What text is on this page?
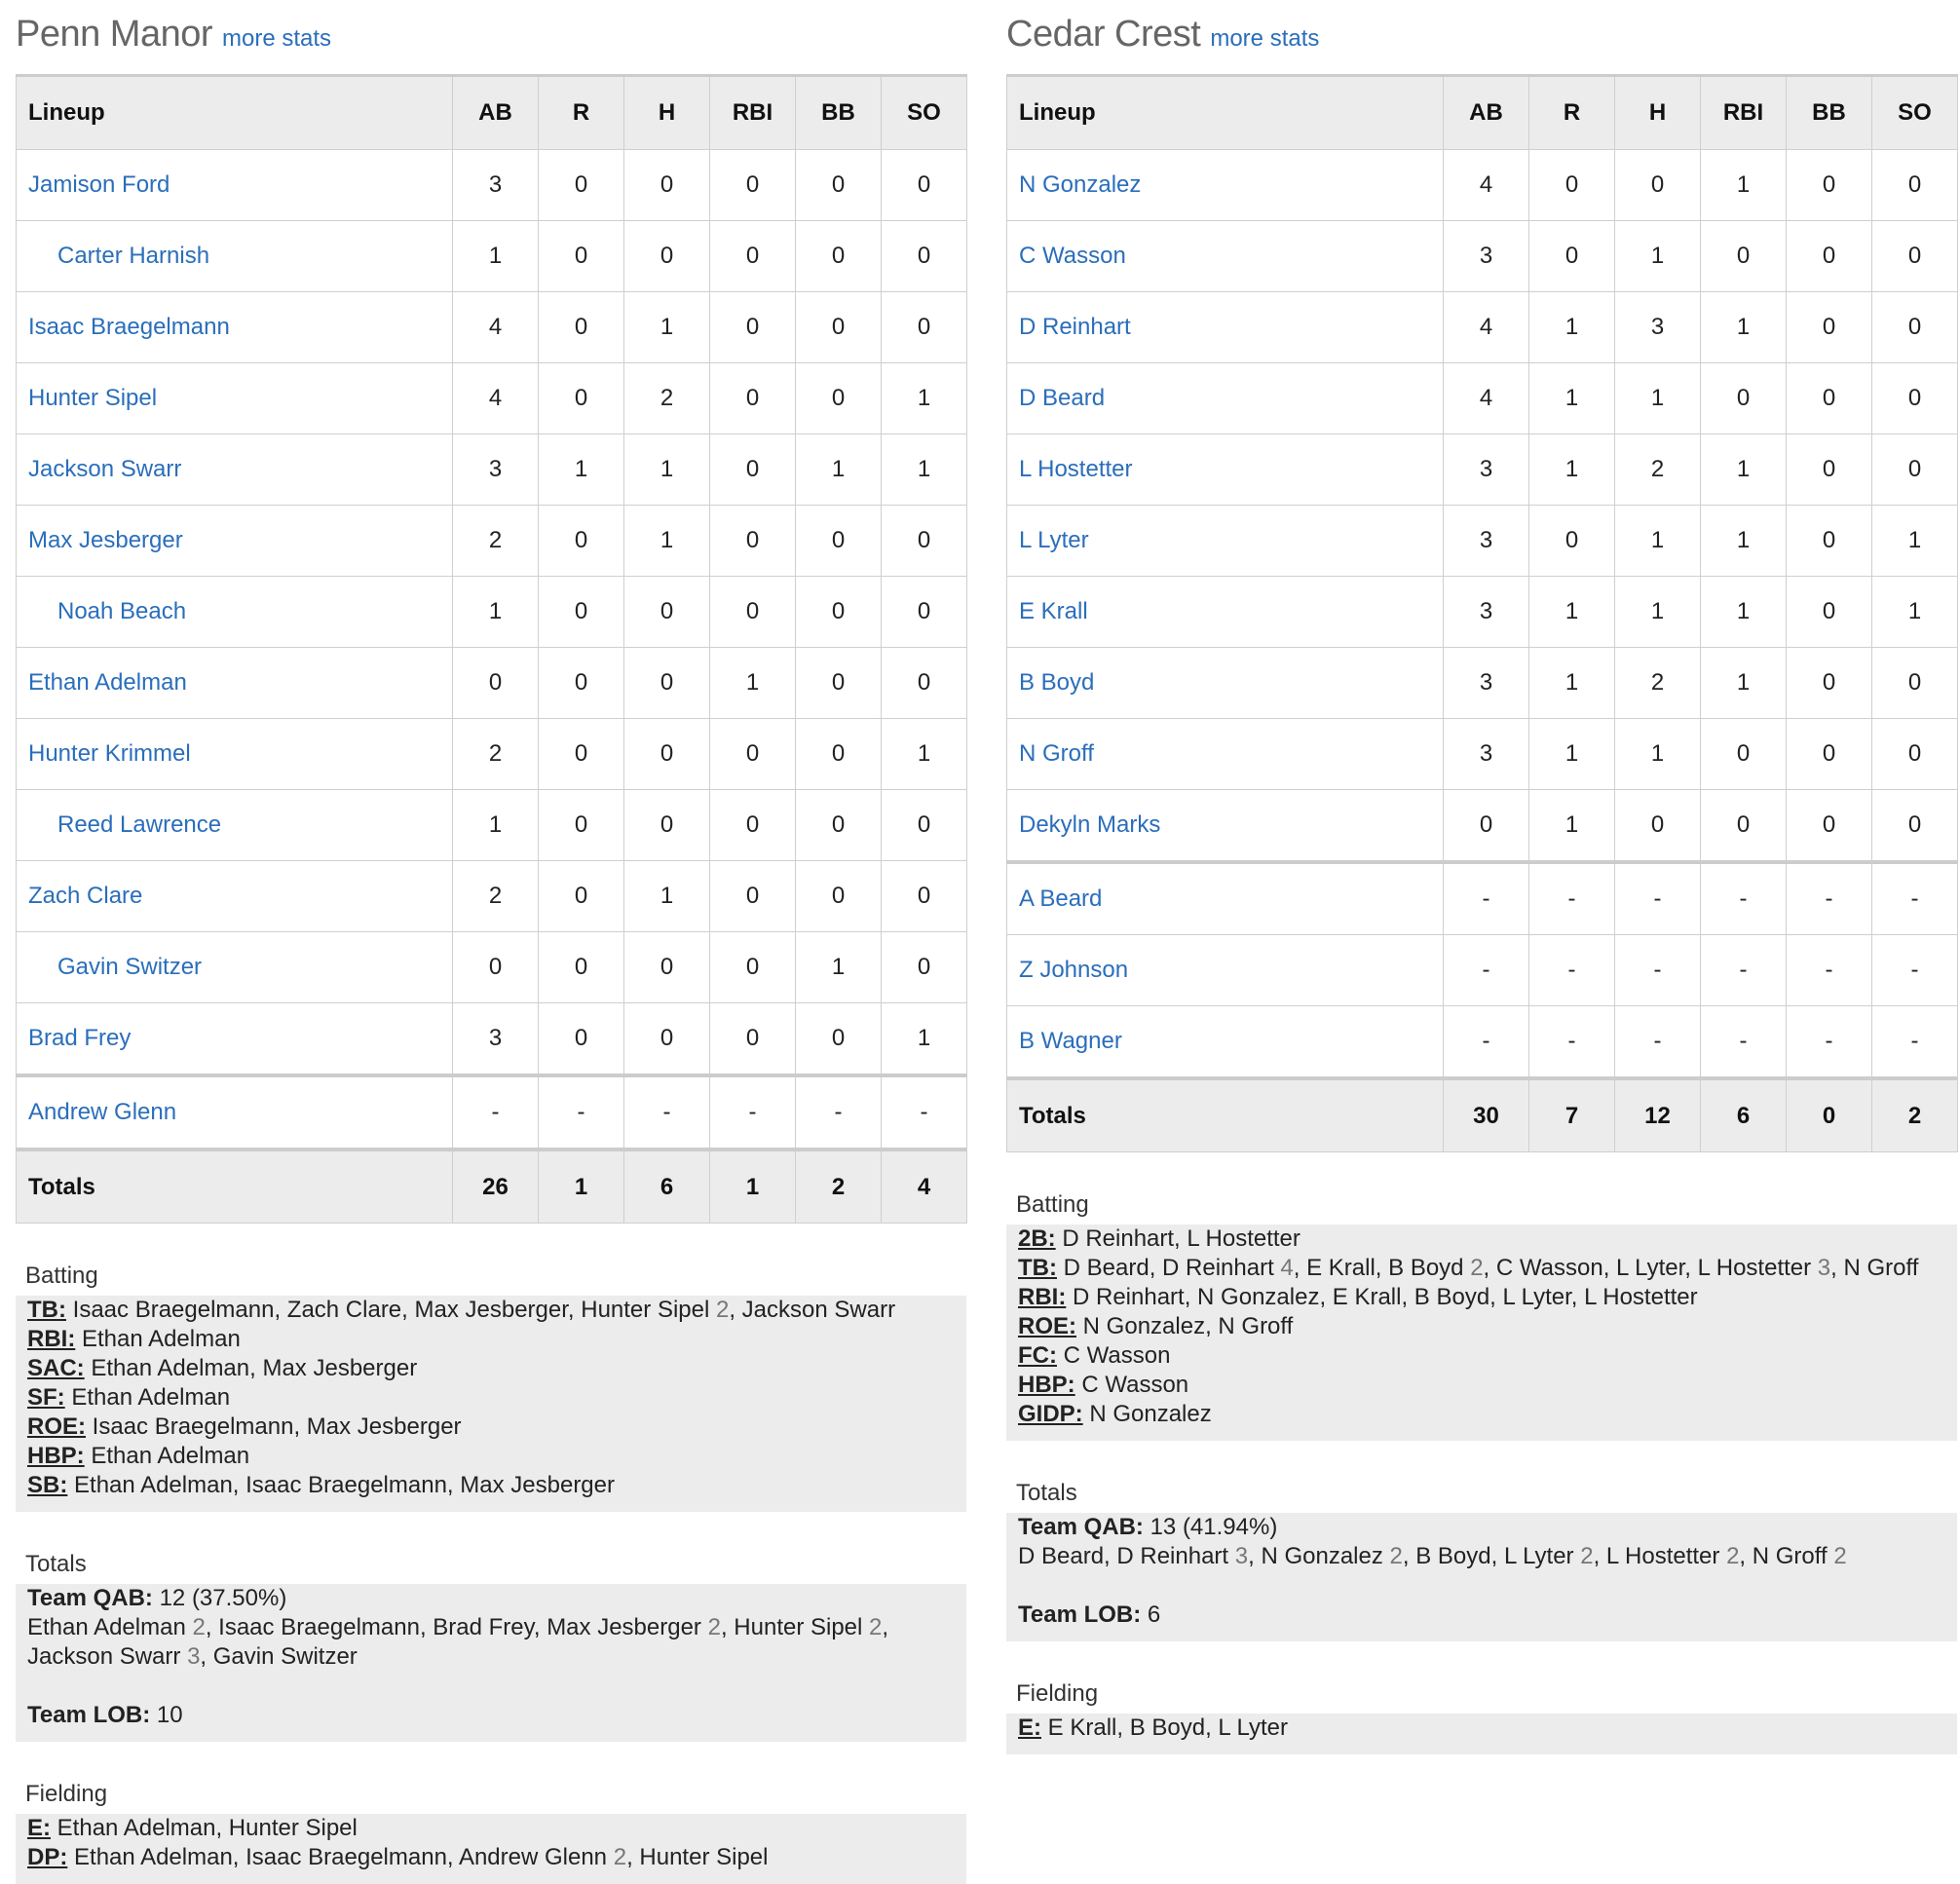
Penn Manor more stats
Lineup	AB	R	H	RBI	BB	SO
Jamison Ford	3	0	0	0	0	0
Carter Harnish	1	0	0	0	0	0
Isaac Braegelmann	4	0	1	0	0	0
Hunter Sipel	4	0	2	0	0	1
Jackson Swarr	3	1	1	0	1	1
Max Jesberger	2	0	1	0	0	0
Noah Beach	1	0	0	0	0	0
Ethan Adelman	0	0	0	1	0	0
Hunter Krimmel	2	0	0	0	0	1
Reed Lawrence	1	0	0	0	0	0
Zach Clare	2	0	1	0	0	0
Gavin Switzer	0	0	0	0	1	0
Brad Frey	3	0	0	0	0	1
Andrew Glenn	-	-	-	-	-	-
Totals	26	1	6	1	2	4
Batting
TB: Isaac Braegelmann, Zach Clare, Max Jesberger, Hunter Sipel 2, Jackson Swarr
RBI: Ethan Adelman
SAC: Ethan Adelman, Max Jesberger
SF: Ethan Adelman
ROE: Isaac Braegelmann, Max Jesberger
HBP: Ethan Adelman
SB: Ethan Adelman, Isaac Braegelmann, Max Jesberger
Totals
Team QAB: 12 (37.50%)
Ethan Adelman 2, Isaac Braegelmann, Brad Frey, Max Jesberger 2, Hunter Sipel 2,
Jackson Swarr 3, Gavin Switzer
Team LOB: 10
Fielding
E: Ethan Adelman, Hunter Sipel
DP: Ethan Adelman, Isaac Braegelmann, Andrew Glenn 2, Hunter Sipel
Cedar Crest more stats
Lineup	AB	R	H	RBI	BB	SO
N Gonzalez	4	0	0	1	0	0
C Wasson	3	0	1	0	0	0
D Reinhart	4	1	3	1	0	0
D Beard	4	1	1	0	0	0
L Hostetter	3	1	2	1	0	0
L Lyter	3	0	1	1	0	1
E Krall	3	1	1	1	0	1
B Boyd	3	1	2	1	0	0
N Groff	3	1	1	0	0	0
Dekyln Marks	0	1	0	0	0	0
A Beard	-	-	-	-	-	-
Z Johnson	-	-	-	-	-	-
B Wagner	-	-	-	-	-	-
Totals	30	7	12	6	0	2
Batting
2B: D Reinhart, L Hostetter
TB: D Beard, D Reinhart 4, E Krall, B Boyd 2, C Wasson, L Lyter, L Hostetter 3, N Groff
RBI: D Reinhart, N Gonzalez, E Krall, B Boyd, L Lyter, L Hostetter
ROE: N Gonzalez, N Groff
FC: C Wasson
HBP: C Wasson
GIDP: N Gonzalez
Totals
Team QAB: 13 (41.94%)
D Beard, D Reinhart 3, N Gonzalez 2, B Boyd, L Lyter 2, L Hostetter 2, N Groff 2
Team LOB: 6
Fielding
E: E Krall, B Boyd, L Lyter
